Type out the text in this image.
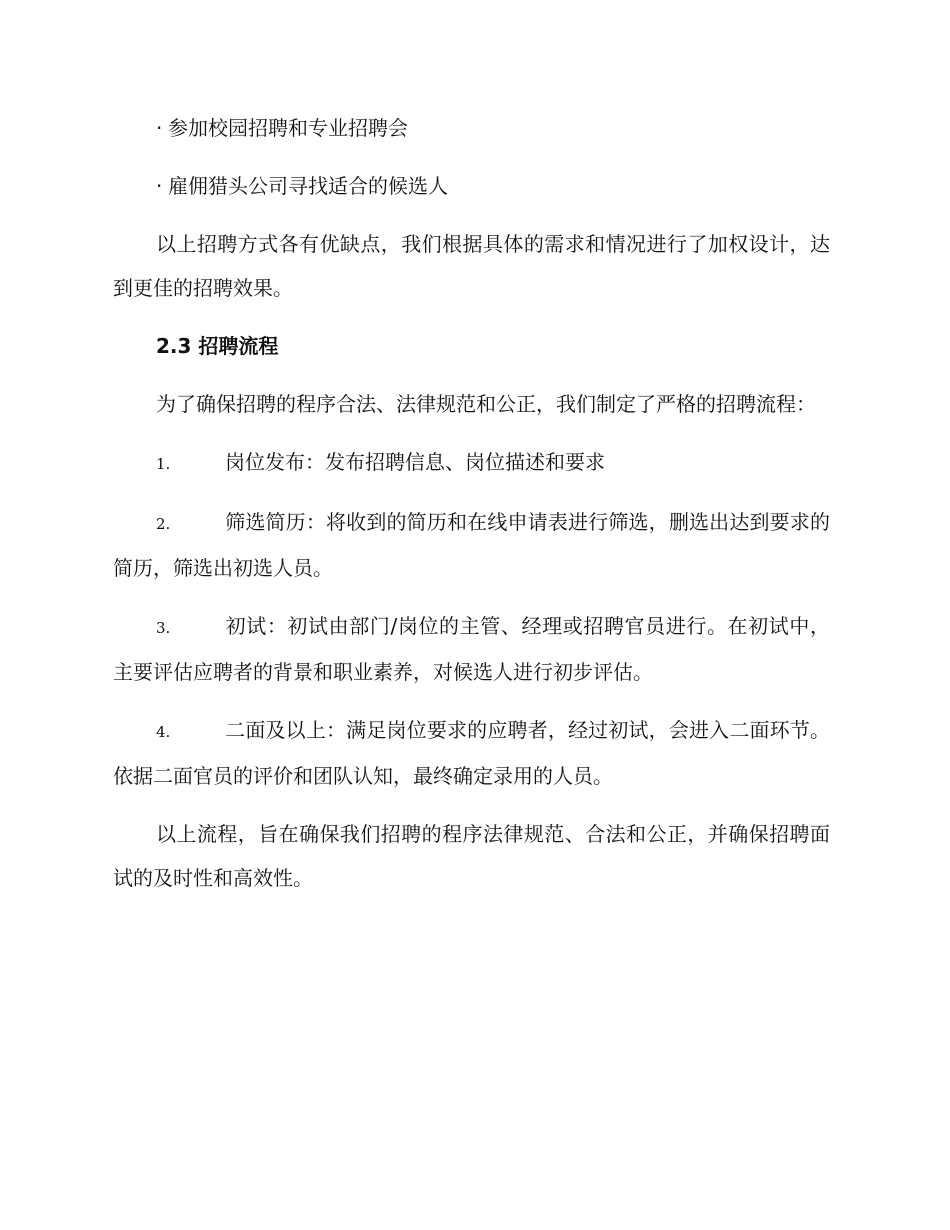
· 参加校园招聘和专业招聘会

· 雇佣猎头公司寻找适合的候选人

以上招聘方式各有优缺点，我们根据具体的需求和情况进行了加权设计，达到更佳的招聘效果。

2.3 招聘流程

为了确保招聘的程序合法、法律规范和公正，我们制定了严格的招聘流程：

1.	岗位发布：发布招聘信息、岗位描述和要求

2.	筛选简历：将收到的简历和在线申请表进行筛选，删选出达到要求的简历，筛选出初选人员。

3.	初试：初试由部门/岗位的主管、经理或招聘官员进行。在初试中，主要评估应聘者的背景和职业素养，对候选人进行初步评估。

4.	二面及以上：满足岗位要求的应聘者，经过初试，会进入二面环节。依据二面官员的评价和团队认知，最终确定录用的人员。

以上流程，旨在确保我们招聘的程序法律规范、合法和公正，并确保招聘面试的及时性和高效性。
